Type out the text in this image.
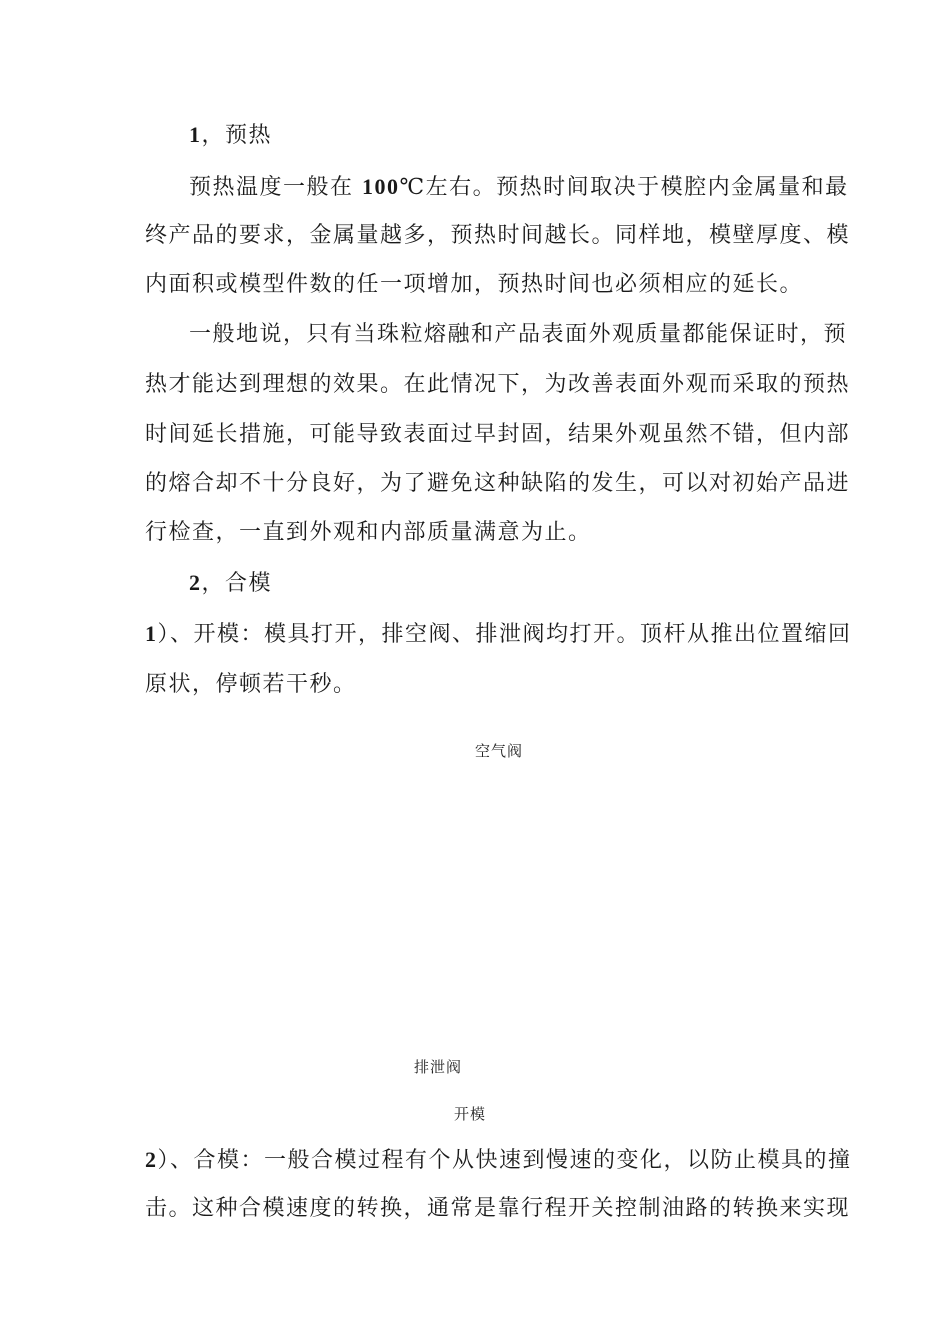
1，预热
预热温度一般在 100℃左右。预热时间取决于模腔内金属量和最
终产品的要求，金属量越多，预热时间越长。同样地，模壁厚度、模
内面积或模型件数的任一项增加，预热时间也必须相应的延长。
一般地说，只有当珠粒熔融和产品表面外观质量都能保证时，预
热才能达到理想的效果。在此情况下，为改善表面外观而采取的预热
时间延长措施，可能导致表面过早封固，结果外观虽然不错，但内部
的熔合却不十分良好，为了避免这种缺陷的发生，可以对初始产品进
行检查，一直到外观和内部质量满意为止。
2，合模
1）、开模：模具打开，排空阀、排泄阀均打开。顶杆从推出位置缩回
原状，停顿若干秒。
空气阀
排泄阀
开模
2）、合模：一般合模过程有个从快速到慢速的变化，以防止模具的撞
击。这种合模速度的转换，通常是靠行程开关控制油路的转换来实现
